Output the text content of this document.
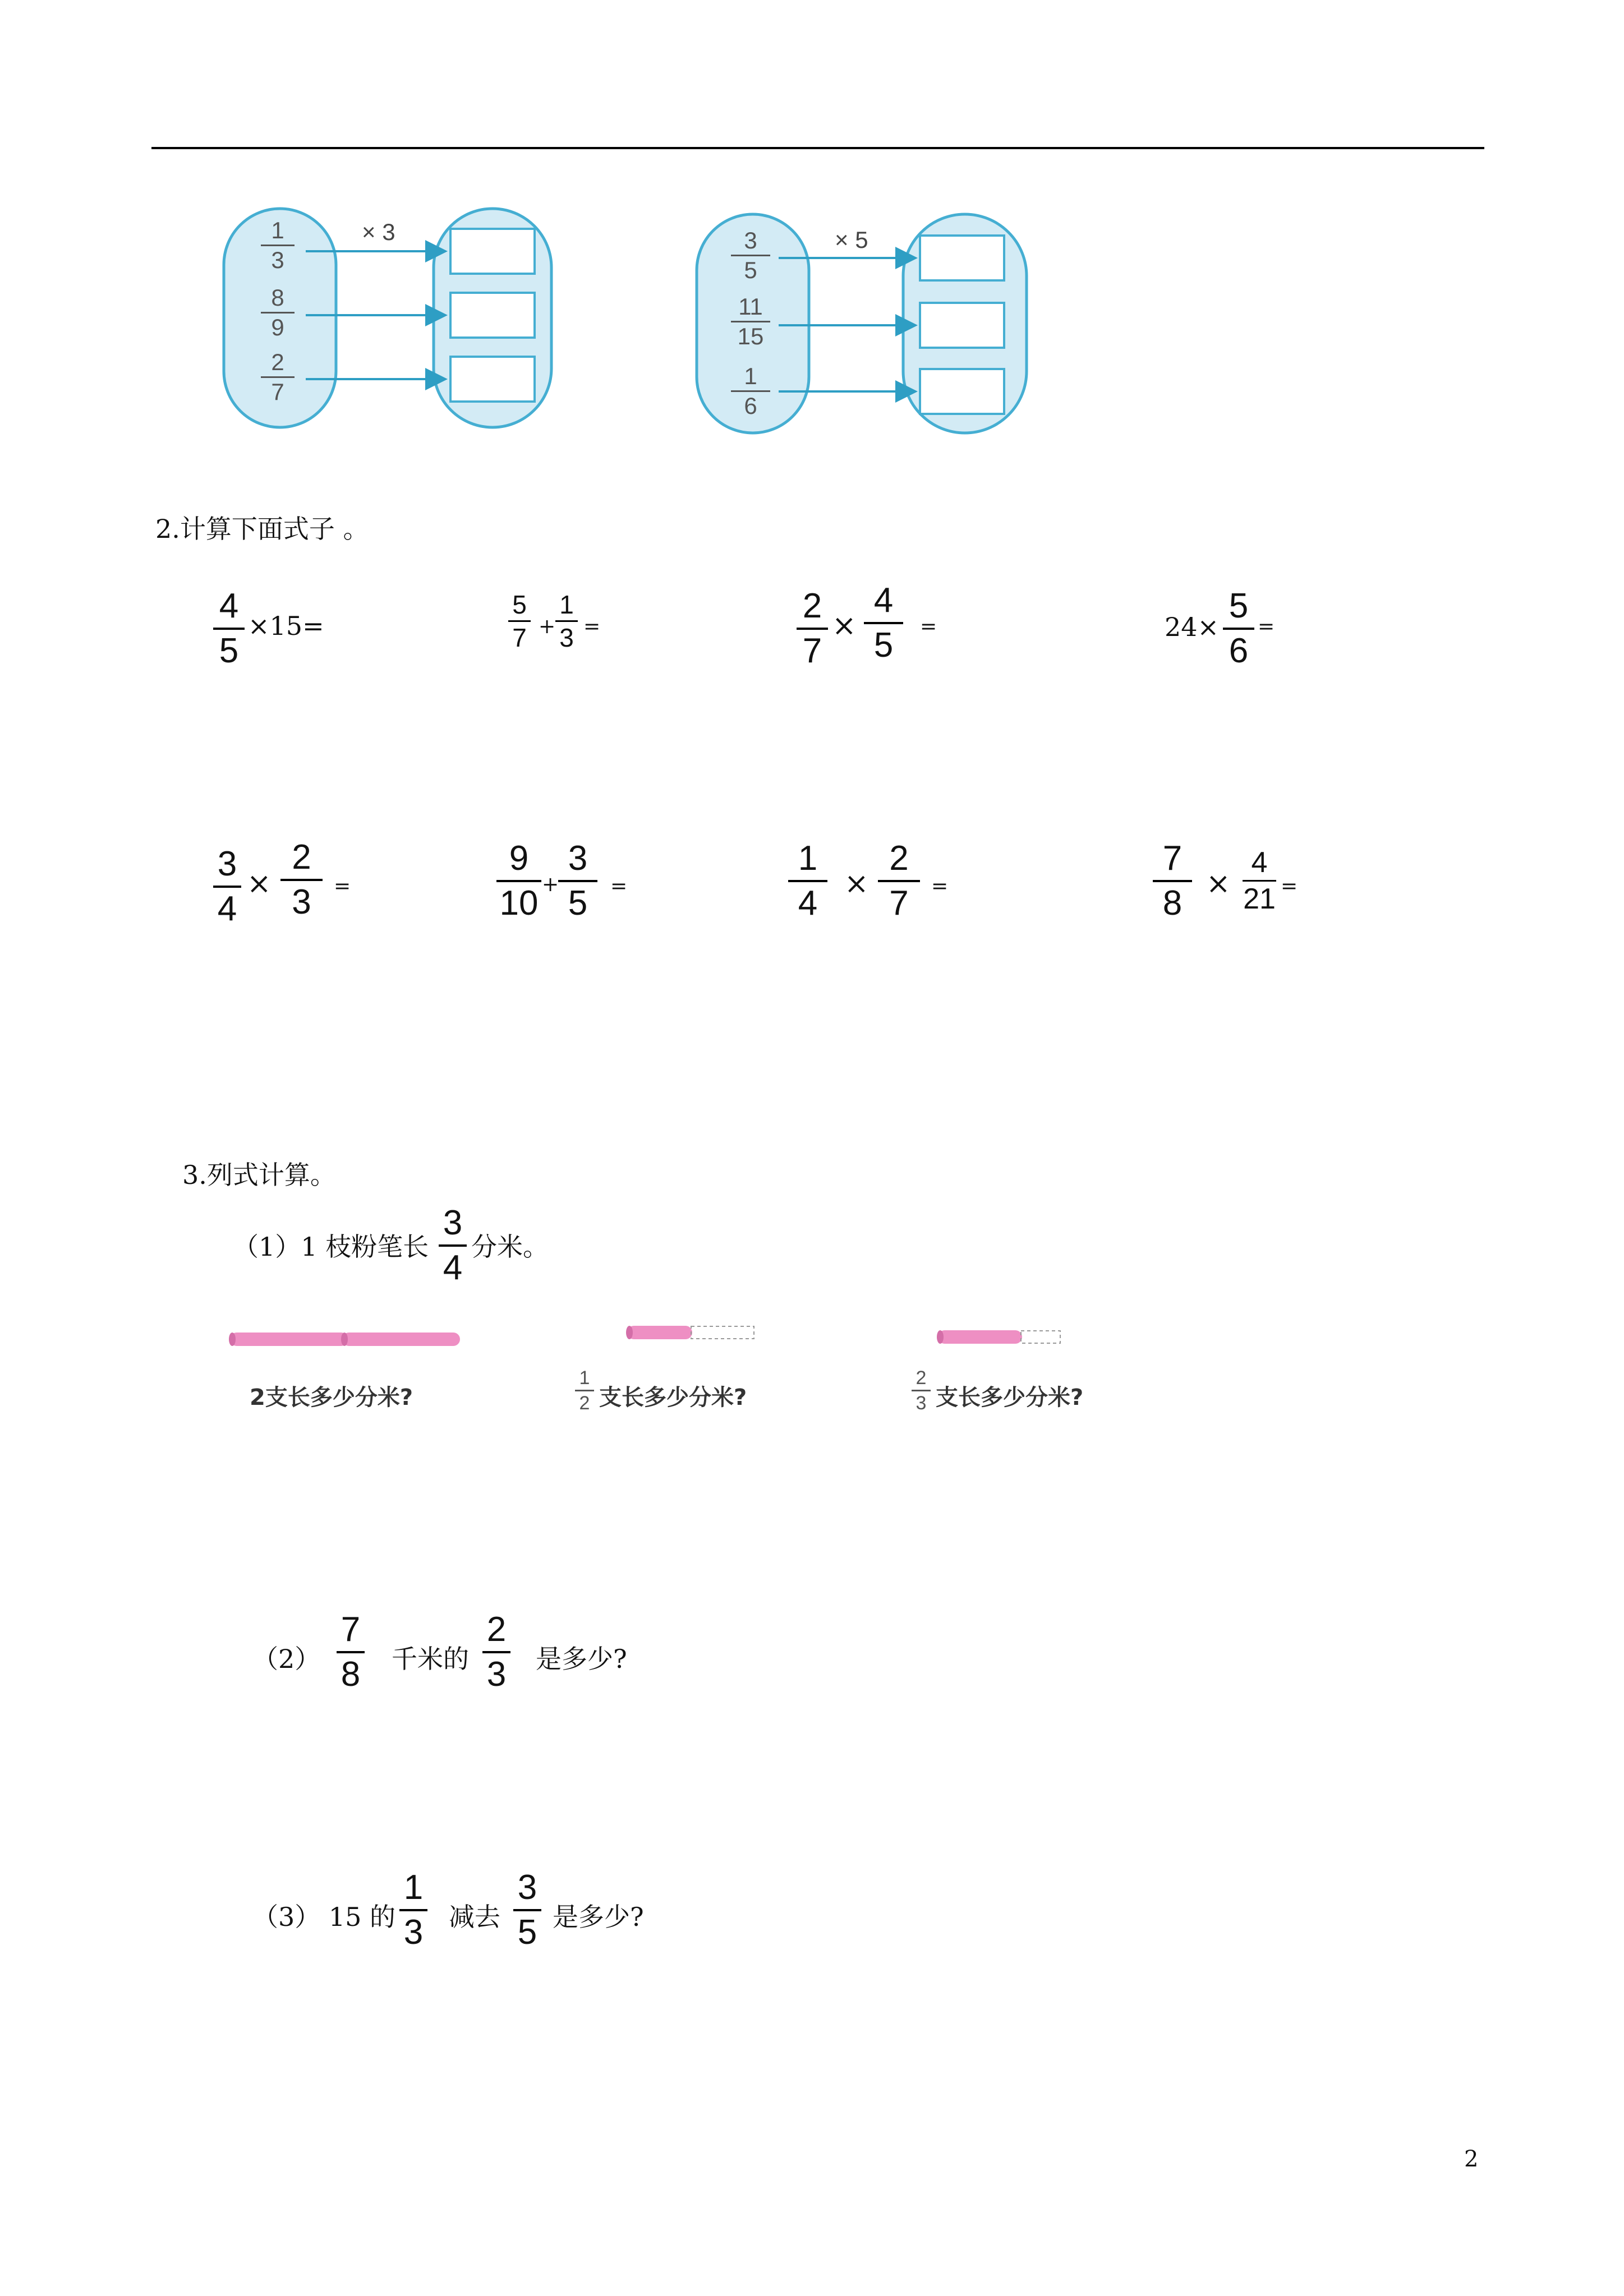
× 3
1
3
8
9
2
7
× 5
3
5
11
15
1
6
2.计算下面式子 。
4
5
×15=
5
7 +
1
3 =
2
7
×
4
5 =	24×
5
6
=
3
4
×
2
3 =
9
10 +
3
5 =
1
4 ×
2
7 =
7
8 ×
4
21 =
3.列式计算。
（1）1 枝粉笔长
3
4
分米。
2支长多少分米?
1
2 支长多少分米?
2
3 支长多少分米?
（2）
7
8 千米的
2
3 是多少?
（3） 15 的
1
3 减去
3
5 是多少?
2
